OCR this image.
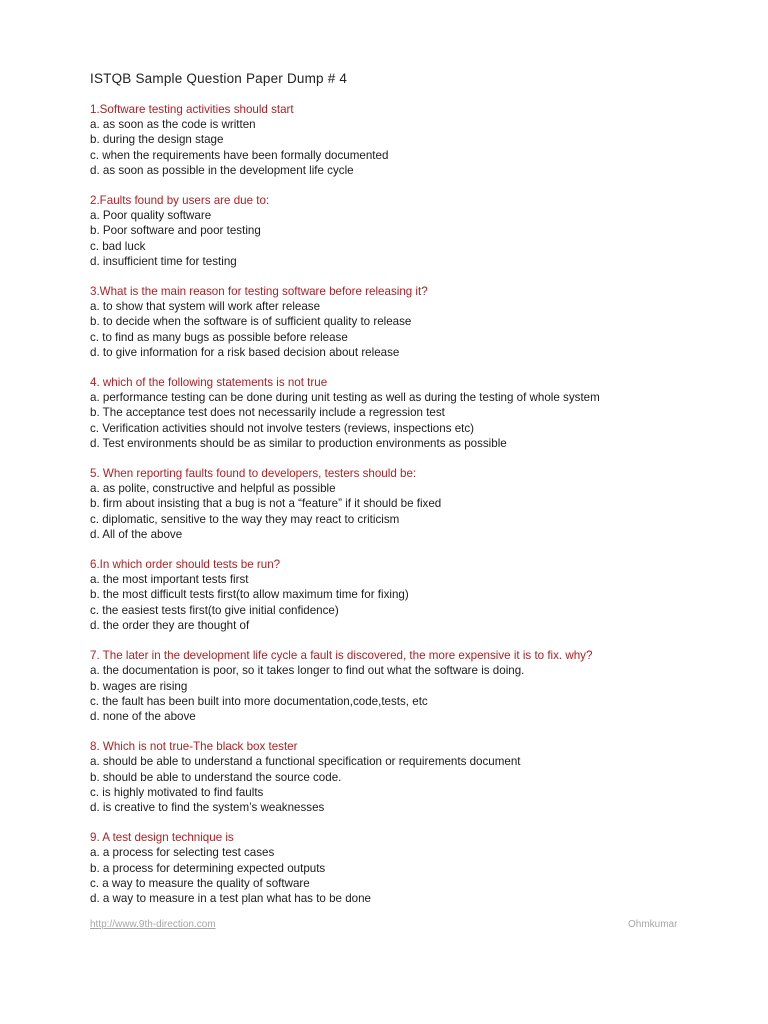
ISTQB Sample Question Paper Dump # 4
1.Software testing activities should start
a. as soon as the code is written
b. during the design stage
c. when the requirements have been formally documented
d. as soon as possible in the development life cycle
2.Faults found by users are due to:
a. Poor quality software
b. Poor software and poor testing
c. bad luck
d. insufficient time for testing
3.What is the main reason for testing software before releasing it?
a. to show that system will work after release
b. to decide when the software is of sufficient quality to release
c. to find as many bugs as possible before release
d. to give information for a risk based decision about release
4. which of the following statements is not true
a. performance testing can be done during unit testing as well as during the testing of whole system
b. The acceptance test does not necessarily include a regression test
c. Verification activities should not involve testers (reviews, inspections etc)
d. Test environments should be as similar to production environments as possible
5. When reporting faults found to developers, testers should be:
a. as polite, constructive and helpful as possible
b. firm about insisting that a bug is not a “feature” if it should be fixed
c. diplomatic, sensitive to the way they may react to criticism
d. All of the above
6.In which order should tests be run?
a. the most important tests first
b. the most difficult tests first(to allow maximum time for fixing)
c. the easiest tests first(to give initial confidence)
d. the order they are thought of
7. The later in the development life cycle a fault is discovered, the more expensive it is to fix. why?
a. the documentation is poor, so it takes longer to find out what the software is doing.
b. wages are rising
c. the fault has been built into more documentation,code,tests, etc
d. none of the above
8. Which is not true-The black box tester
a. should be able to understand a functional specification or requirements document
b. should be able to understand the source code.
c. is highly motivated to find faults
d. is creative to find the system’s weaknesses
9. A test design technique is
a. a process for selecting test cases
b. a process for determining expected outputs
c. a way to measure the quality of software
d. a way to measure in a test plan what has to be done
http://www.9th-direction.com	Ohmkumar
